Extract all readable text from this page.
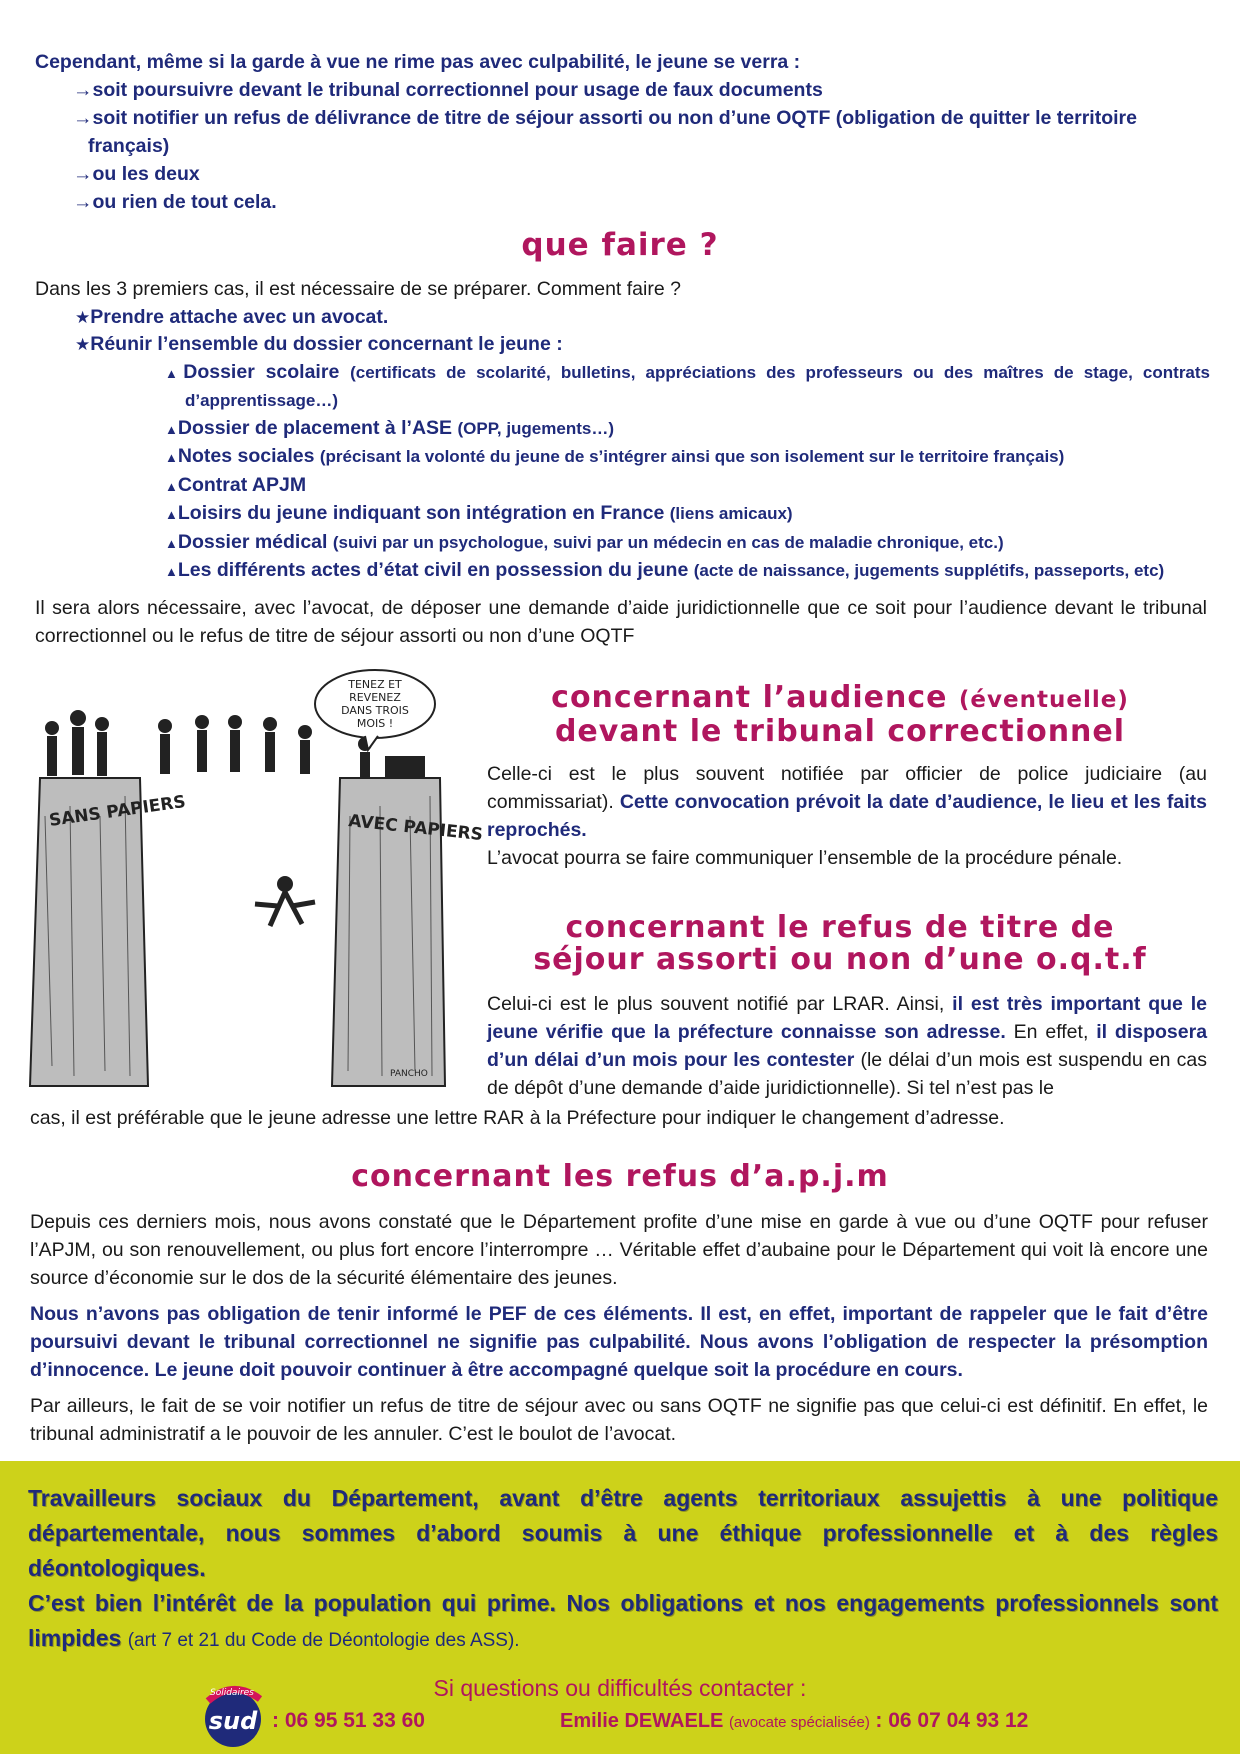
Cependant, même si la garde à vue ne rime pas avec culpabilité, le jeune se verra :
→soit poursuivre devant le tribunal correctionnel pour usage de faux documents
→soit notifier un refus de délivrance de titre de séjour assorti ou non d’une OQTF (obligation de quitter le territoire français)
→ou les deux
→ou rien de tout cela.
que faire ?
Dans les 3 premiers cas, il est nécessaire de se préparer. Comment faire ?
★Prendre attache avec un avocat.
★Réunir l’ensemble du dossier concernant le jeune :
▲Dossier scolaire (certificats de scolarité, bulletins, appréciations des professeurs ou des maîtres de stage, contrats d’apprentissage…)
▲Dossier de placement à l’ASE (OPP, jugements…)
▲Notes sociales (précisant la volonté du jeune de s’intégrer ainsi que son isolement sur le territoire français)
▲Contrat APJM
▲Loisirs du jeune indiquant son intégration en France (liens amicaux)
▲Dossier médical (suivi par un psychologue, suivi par un médecin en cas de maladie chronique, etc.)
▲Les différents actes d’état civil en possession du jeune (acte de naissance, jugements supplétifs, passeports, etc)
Il sera alors nécessaire, avec l’avocat, de déposer une demande d’aide juridictionnelle que ce soit pour l’audience devant le tribunal correctionnel ou le refus de titre de séjour assorti ou non d’une OQTF
SANS PAPIERS	AVEC PAPIERS
TENEZ ET
REVENEZ
DANS TROIS
MOIS !
PANCHO
concernant l’audience (éventuelle)
devant le tribunal correctionnel
Celle-ci est le plus souvent notifiée par officier de police judiciaire (au commissariat). Cette convocation prévoit la date d’audience, le lieu et les faits reprochés.
L’avocat pourra se faire communiquer l’ensemble de la procédure pénale.
concernant le refus de titre de
séjour assorti ou non d’une o.q.t.f
Celui-ci est le plus souvent notifié par LRAR. Ainsi, il est très important que le jeune vérifie que la préfecture connaisse son adresse. En effet, il disposera d’un délai d’un mois pour les contester (le délai d’un mois est suspendu en cas de dépôt d’une demande d’aide juridictionnelle). Si tel n’est pas le
cas, il est préférable que le jeune adresse une lettre RAR à la Préfecture pour indiquer le changement d’adresse.
concernant les refus d’a.p.j.m

Depuis ces derniers mois, nous avons constaté que le Département profite d’une mise en garde à vue ou d’une OQTF pour refuser l’APJM, ou son renouvellement, ou plus fort encore l’interrompre … Véritable effet d’aubaine pour le Département qui voit là encore une source d’économie sur le dos de la sécurité élémentaire des jeunes.

Nous n’avons pas obligation de tenir informé le PEF de ces éléments. Il est, en effet, important de rappeler que le fait d’être poursuivi devant le tribunal correctionnel ne signifie pas culpabilité. Nous avons l’obligation de respecter la présomption d’innocence. Le jeune doit pouvoir continuer à être accompagné quelque soit la procédure en cours.

Par ailleurs, le fait de se voir notifier un refus de titre de séjour avec ou sans OQTF ne signifie pas que celui-ci est définitif. En effet, le tribunal administratif a le pouvoir de les annuler. C’est le boulot de l’avocat.

Travailleurs sociaux du Département, avant d’être agents territoriaux assujettis à une politique départementale, nous sommes d’abord soumis à une éthique professionnelle et à des règles déontologiques.
C’est bien l’intérêt de la population qui prime. Nos obligations et nos engagements professionnels sont limpides (art 7 et 21 du Code de Déontologie des ASS).
Si questions ou difficultés contacter :
Solidaires
sud : 06 95 51 33 60	Emilie DEWAELE (avocate spécialisée) : 06 07 04 93 12
